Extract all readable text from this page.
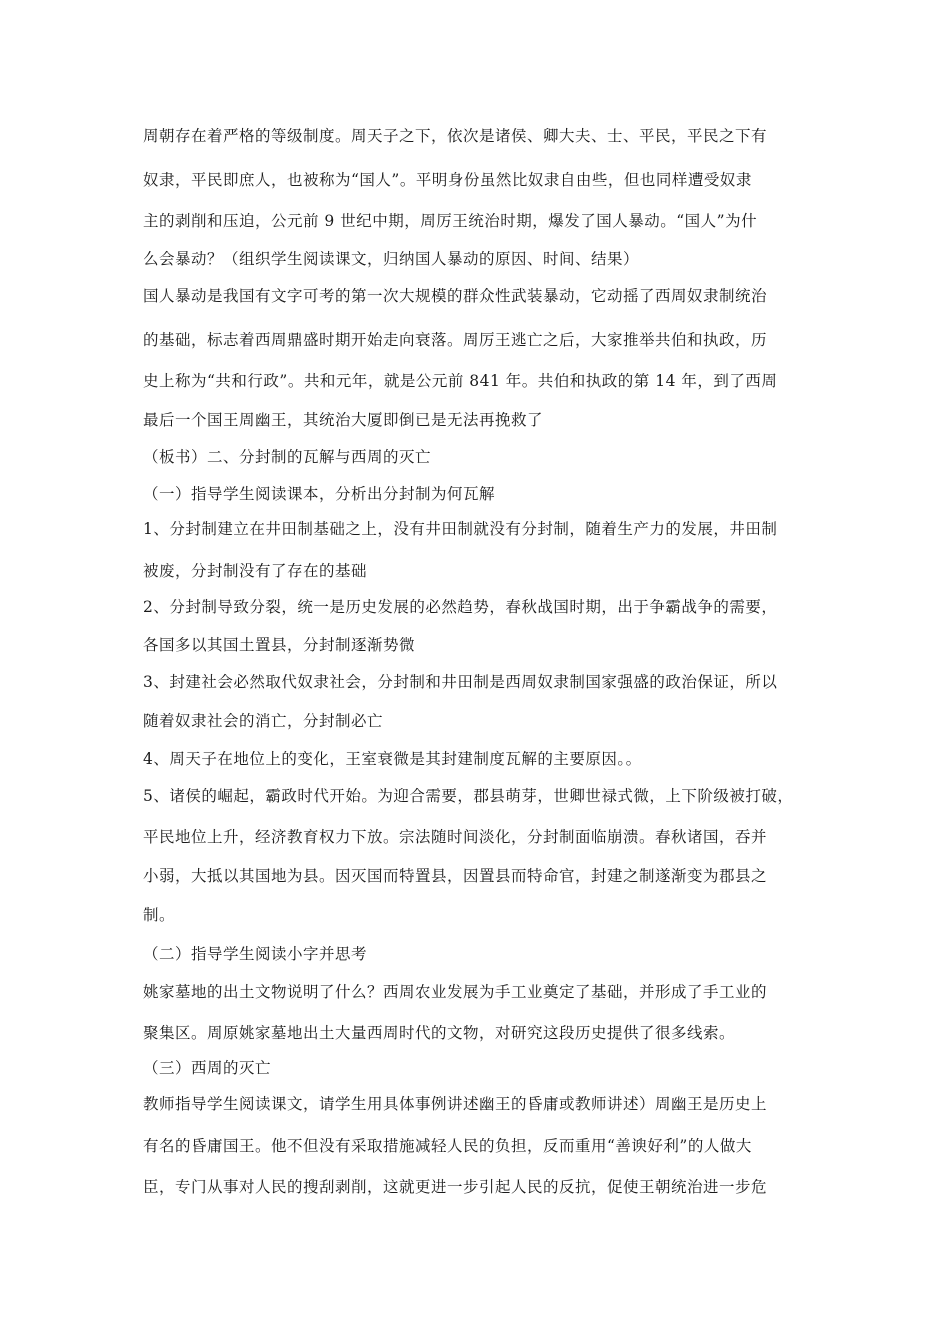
周朝存在着严格的等级制度。周天子之下，依次是诸侯、卿大夫、士、平民，平民之下有
奴隶，平民即庶人，也被称为“国人”。平明身份虽然比奴隶自由些，但也同样遭受奴隶
主的剥削和压迫，公元前 9 世纪中期，周厉王统治时期，爆发了国人暴动。“国人”为什
么会暴动？（组织学生阅读课文，归纳国人暴动的原因、时间、结果）
国人暴动是我国有文字可考的第一次大规模的群众性武装暴动，它动摇了西周奴隶制统治
的基础，标志着西周鼎盛时期开始走向衰落。周厉王逃亡之后，大家推举共伯和执政，历
史上称为“共和行政”。共和元年，就是公元前 841 年。共伯和执政的第 14 年，到了西周
最后一个国王周幽王，其统治大厦即倒已是无法再挽救了
（板书）二、分封制的瓦解与西周的灭亡
（一）指导学生阅读课本，分析出分封制为何瓦解
1、分封制建立在井田制基础之上，没有井田制就没有分封制，随着生产力的发展，井田制
被废，分封制没有了存在的基础
2、分封制导致分裂，统一是历史发展的必然趋势，春秋战国时期，出于争霸战争的需要，
各国多以其国土置县，分封制逐渐势微
3、封建社会必然取代奴隶社会，分封制和井田制是西周奴隶制国家强盛的政治保证，所以
随着奴隶社会的消亡，分封制必亡
4、周天子在地位上的变化，王室衰微是其封建制度瓦解的主要原因。。
5、诸侯的崛起，霸政时代开始。为迎合需要，郡县萌芽，世卿世禄式微，上下阶级被打破，
平民地位上升，经济教育权力下放。宗法随时间淡化，分封制面临崩溃。春秋诸国，吞并
小弱，大抵以其国地为县。因灭国而特置县，因置县而特命官，封建之制遂渐变为郡县之
制。
（二）指导学生阅读小字并思考
姚家墓地的出土文物说明了什么？西周农业发展为手工业奠定了基础，并形成了手工业的
聚集区。周原姚家墓地出土大量西周时代的文物，对研究这段历史提供了很多线索。
（三）西周的灭亡
教师指导学生阅读课文，请学生用具体事例讲述幽王的昏庸或教师讲述）周幽王是历史上
有名的昏庸国王。他不但没有采取措施减轻人民的负担，反而重用“善谀好利”的人做大
臣，专门从事对人民的搜刮剥削，这就更进一步引起人民的反抗，促使王朝统治进一步危
